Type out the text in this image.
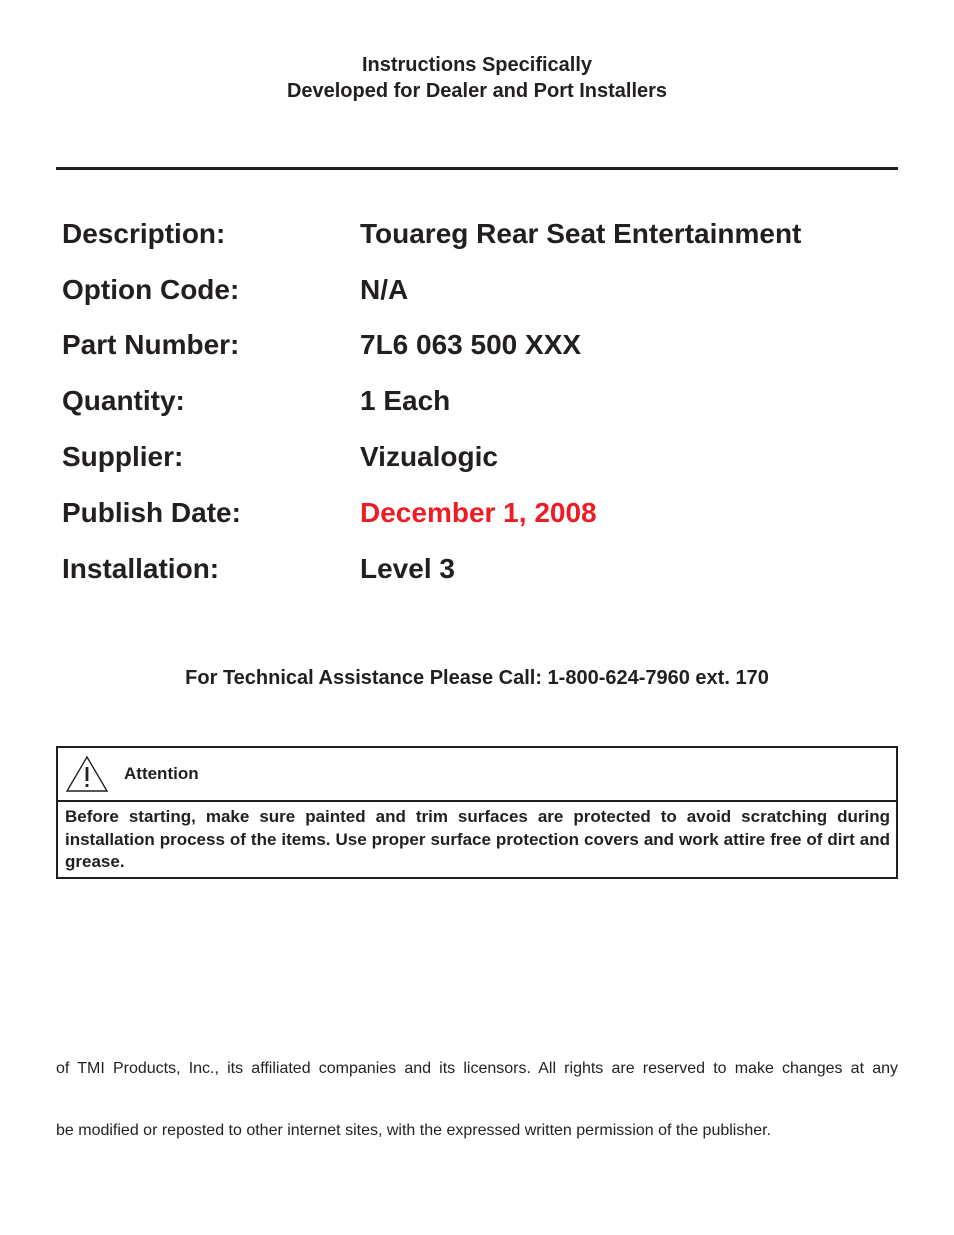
Instructions Specifically
Developed for Dealer and Port Installers
Description:	Touareg Rear Seat Entertainment
Option Code:	N/A
Part Number:	7L6 063 500 XXX
Quantity:	1 Each
Supplier:	Vizualogic
Publish Date:	December 1, 2008
Installation:	Level 3
For Technical Assistance Please Call: 1-800-624-7960 ext. 170
Attention
Before starting, make sure painted and trim surfaces are protected to avoid scratching during installation process of the items. Use proper surface protection covers and work attire free of dirt and grease.
of TMI Products, Inc., its affiliated companies and its licensors. All rights are reserved to make changes at any
be modified or reposted to other internet sites, with the expressed written permission of the publisher.
